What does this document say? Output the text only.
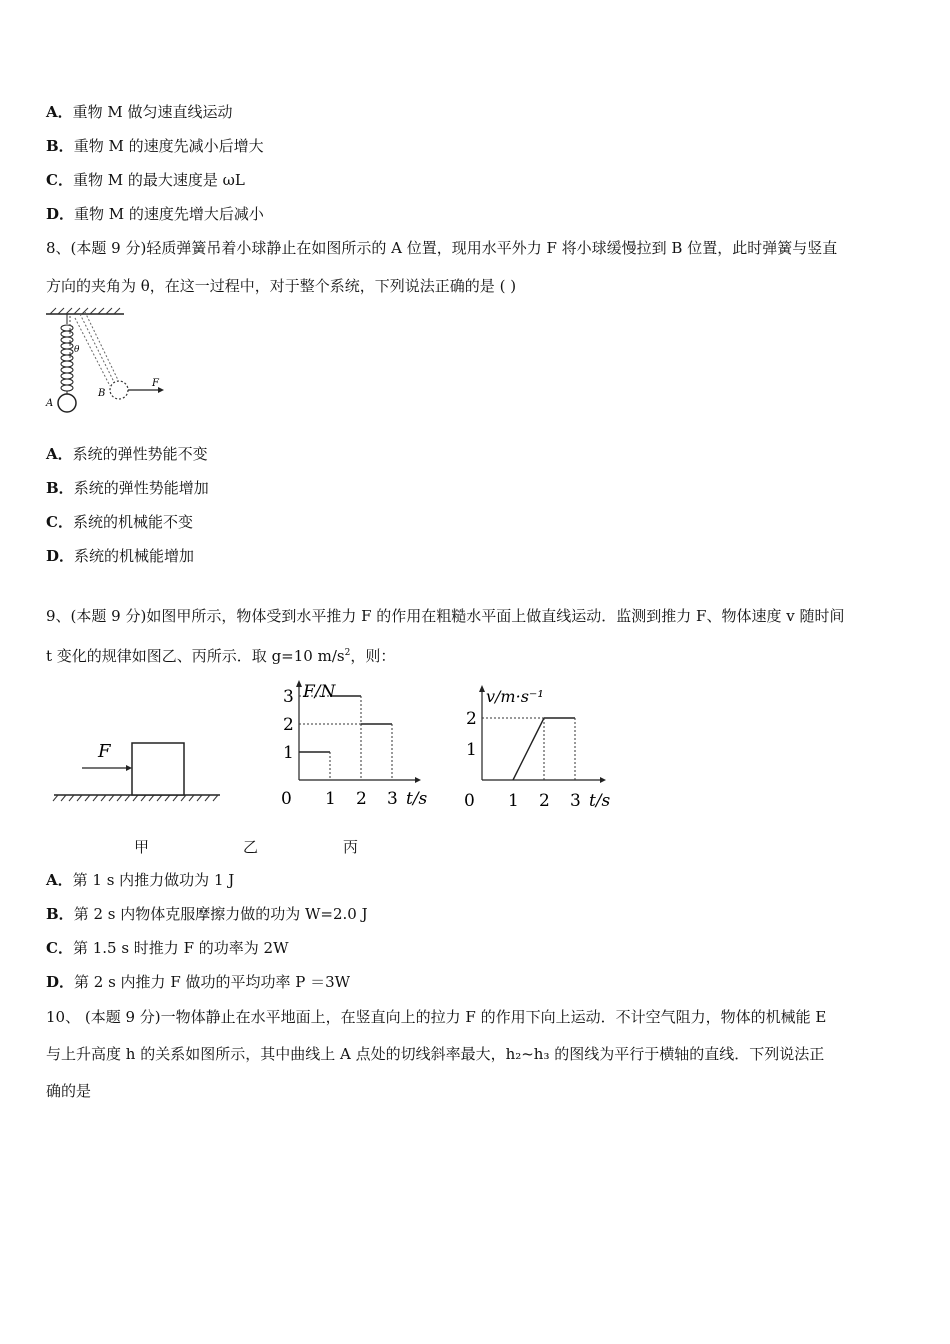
A．重物 M 做匀速直线运动
B．重物 M 的速度先减小后增大
C．重物 M 的最大速度是 ωL
D．重物 M 的速度先增大后减小
8、(本题 9 分)轻质弹簧吊着小球静止在如图所示的 A 位置，现用水平外力 F 将小球缓慢拉到 B 位置，此时弹簧与竖直
方向的夹角为 θ，在这一过程中，对于整个系统，下列说法正确的是 ( )
θ
A
B
F
A．系统的弹性势能不变
B．系统的弹性势能增加
C．系统的机械能不变
D．系统的机械能增加
9、(本题 9 分)如图甲所示，物体受到水平推力 F 的作用在粗糙水平面上做直线运动．监测到推力 F、物体速度 v 随时间
t 变化的规律如图乙、丙所示．取 g=10 $m/s^2$，则：
F	1
2
3
0 1 2 3
F/N
t/s
1
2
0 1 2 3
v/m·s⁻¹
t/s
甲	乙	丙
A．第 1 s 内推力做功为 1 J
B．第 2 s 内物体克服摩擦力做的功为 W=2.0 J
C．第 1.5 s 时推力 F 的功率为 2W
D．第 2 s 内推力 F 做功的平均功率 P ＝3W
10、 (本题 9 分)一物体静止在水平地面上，在竖直向上的拉力 F 的作用下向上运动．不计空气阻力，物体的机械能 E
与上升高度 h 的关系如图所示，其中曲线上 A 点处的切线斜率最大，h₂~h₃ 的图线为平行于横轴的直线．下列说法正
确的是
